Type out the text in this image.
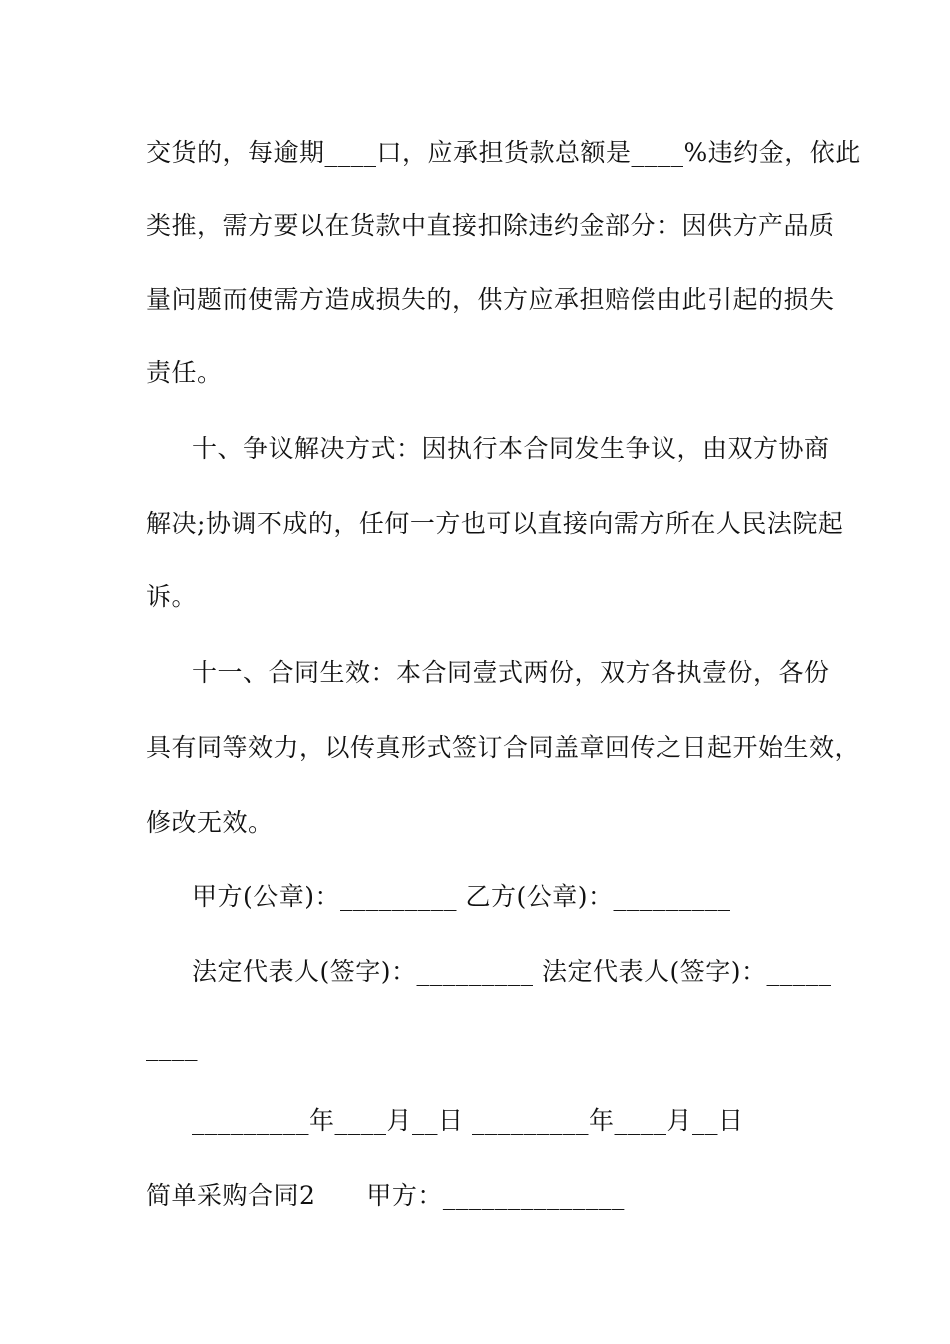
交货的，每逾期____口，应承担货款总额是____%违约金，依此
类推，需方要以在货款中直接扣除违约金部分：因供方产品质
量问题而使需方造成损失的，供方应承担赔偿由此引起的损失
责任。
十、争议解决方式：因执行本合同发生争议，由双方协商
解决;协调不成的，任何一方也可以直接向需方所在人民法院起
诉。
十一、合同生效：本合同壹式两份，双方各执壹份，各份
具有同等效力，以传真形式签订合同盖章回传之日起开始生效，
修改无效。
甲方(公章)：_________ 乙方(公章)：_________
法定代表人(签字)：_________ 法定代表人(签字)：_____
____
_________年____月__日 _________年____月__日
简单采购合同2　　甲方：______________
